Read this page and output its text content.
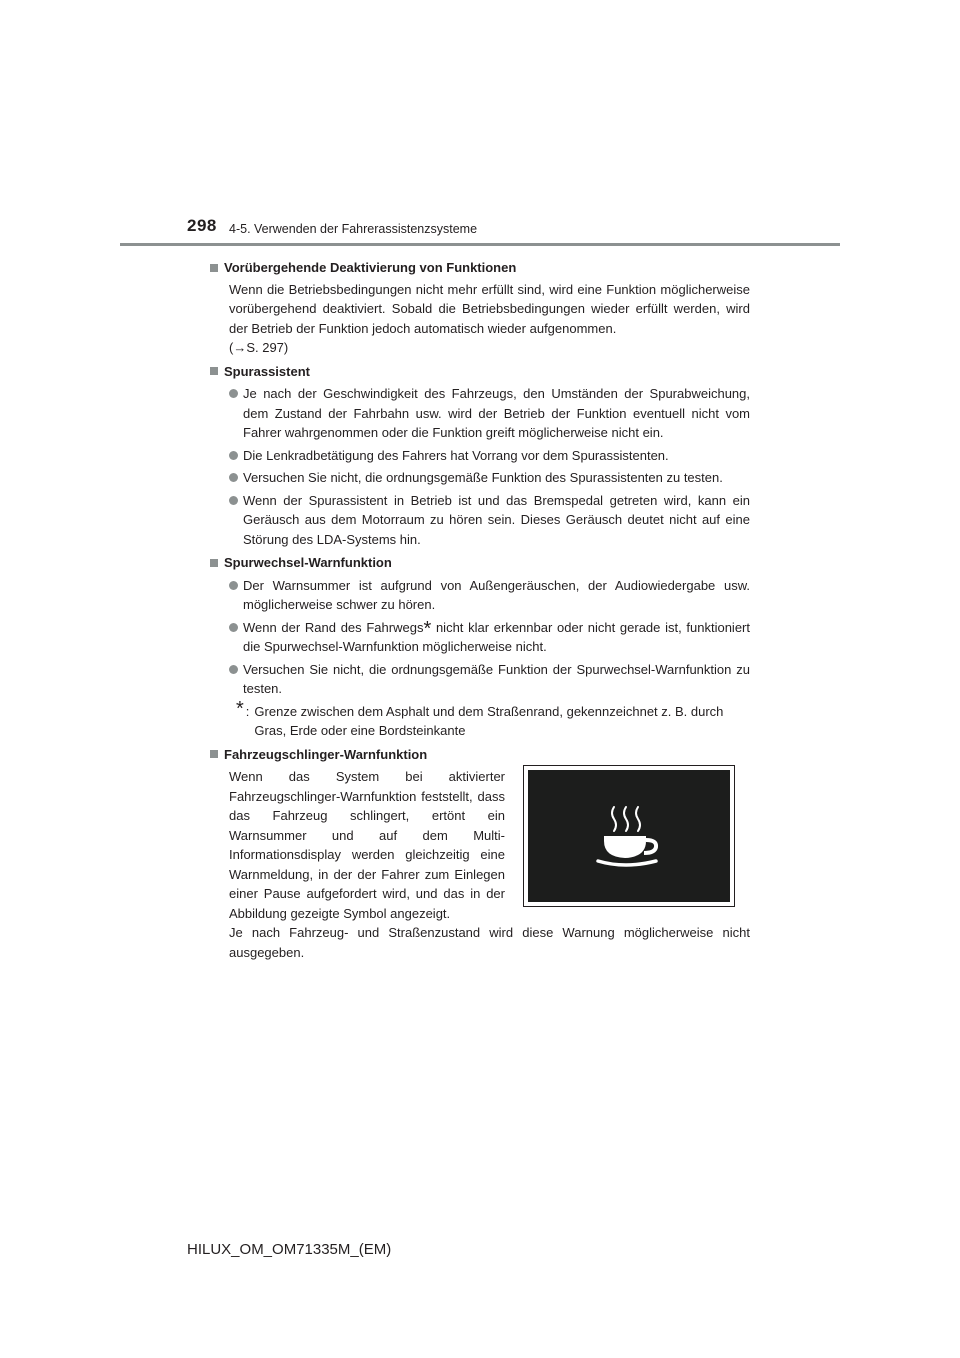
298 4-5. Verwenden der Fahrerassistenzsysteme
Vorübergehende Deaktivierung von Funktionen
Wenn die Betriebsbedingungen nicht mehr erfüllt sind, wird eine Funktion möglicherweise vorübergehend deaktiviert. Sobald die Betriebsbedingungen wieder erfüllt werden, wird der Betrieb der Funktion jedoch automatisch wieder aufgenommen.
(→S. 297)
Spurassistent
Je nach der Geschwindigkeit des Fahrzeugs, den Umständen der Spurabweichung, dem Zustand der Fahrbahn usw. wird der Betrieb der Funktion eventuell nicht vom Fahrer wahrgenommen oder die Funktion greift möglicherweise nicht ein.
Die Lenkradbetätigung des Fahrers hat Vorrang vor dem Spurassistenten.
Versuchen Sie nicht, die ordnungsgemäße Funktion des Spurassistenten zu testen.
Wenn der Spurassistent in Betrieb ist und das Bremspedal getreten wird, kann ein Geräusch aus dem Motorraum zu hören sein. Dieses Geräusch deutet nicht auf eine Störung des LDA-Systems hin.
Spurwechsel-Warnfunktion
Der Warnsummer ist aufgrund von Außengeräuschen, der Audiowiedergabe usw. möglicherweise schwer zu hören.
Wenn der Rand des Fahrwegs* nicht klar erkennbar oder nicht gerade ist, funktioniert die Spurwechsel-Warnfunktion möglicherweise nicht.
Versuchen Sie nicht, die ordnungsgemäße Funktion der Spurwechsel-Warnfunktion zu testen.
* : Grenze zwischen dem Asphalt und dem Straßenrand, gekennzeichnet z. B. durch Gras, Erde oder eine Bordsteinkante
Fahrzeugschlinger-Warnfunktion
Wenn das System bei aktivierter Fahrzeugschlinger-Warnfunktion feststellt, dass das Fahrzeug schlingert, ertönt ein Warnsummer und auf dem Multi-Informationsdisplay werden gleichzeitig eine Warnmeldung, in der der Fahrer zum Einlegen einer Pause aufgefordert wird, und das in der Abbildung gezeigte Symbol angezeigt.
Je nach Fahrzeug- und Straßenzustand wird diese Warnung möglicherweise nicht ausgegeben.
HILUX_OM_OM71335M_(EM)
